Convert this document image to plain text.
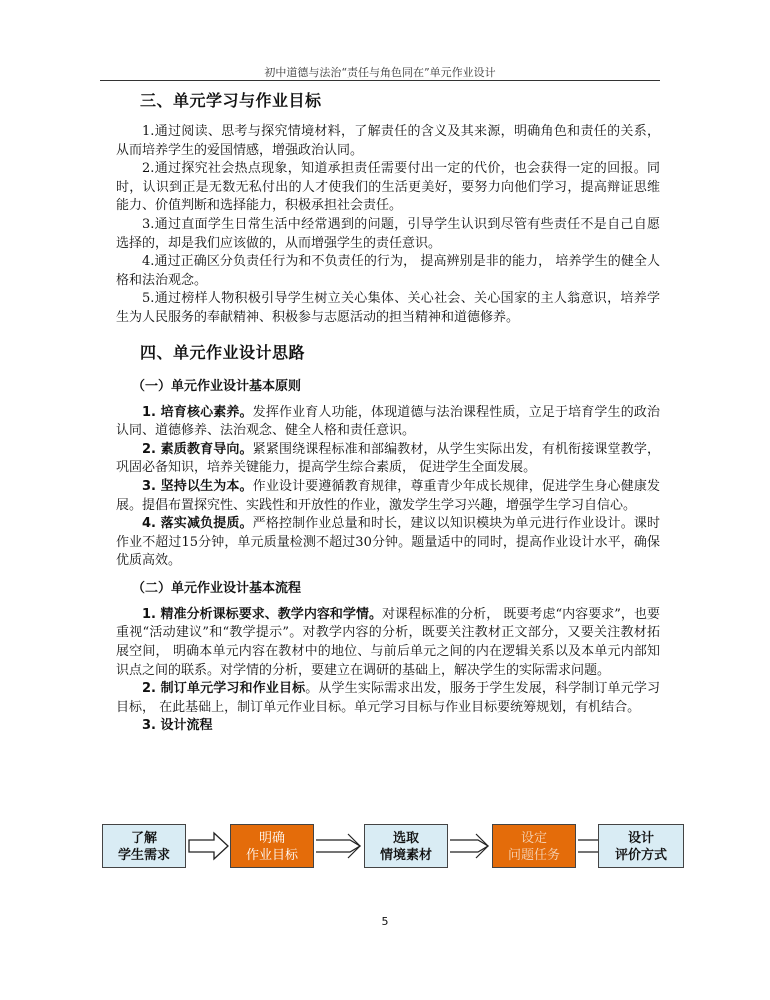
初中道德与法治“责任与角色同在”单元作业设计
三、单元学习与作业目标

1.通过阅读、思考与探究情境材料，了解责任的含义及其来源，明确角色和责任的关系，从而培养学生的爱国情感，增强政治认同。

2.通过探究社会热点现象，知道承担责任需要付出一定的代价，也会获得一定的回报。同时，认识到正是无数无私付出的人才使我们的生活更美好，要努力向他们学习，提高辩证思维能力、价值判断和选择能力，积极承担社会责任。

3.通过直面学生日常生活中经常遇到的问题，引导学生认识到尽管有些责任不是自己自愿选择的，却是我们应该做的，从而增强学生的责任意识。

4.通过正确区分负责任行为和不负责任的行为， 提高辨别是非的能力， 培养学生的健全人格和法治观念。

5.通过榜样人物积极引导学生树立关心集体、关心社会、关心国家的主人翁意识，培养学生为人民服务的奉献精神、积极参与志愿活动的担当精神和道德修养。

四、单元作业设计思路
（一）单元作业设计基本原则

1. 培育核心素养。发挥作业育人功能，体现道德与法治课程性质，立足于培育学生的政治认同、道德修养、法治观念、健全人格和责任意识。

2. 素质教育导向。紧紧围绕课程标准和部编教材，从学生实际出发，有机衔接课堂教学，巩固必备知识，培养关键能力，提高学生综合素质， 促进学生全面发展。

3. 坚持以生为本。作业设计要遵循教育规律，尊重青少年成长规律，促进学生身心健康发展。提倡布置探究性、实践性和开放性的作业，激发学生学习兴趣，增强学生学习自信心。

4. 落实减负提质。严格控制作业总量和时长，建议以知识模块为单元进行作业设计。课时作业不超过15分钟，单元质量检测不超过30分钟。题量适中的同时，提高作业设计水平，确保优质高效。

（二）单元作业设计基本流程

1. 精准分析课标要求、教学内容和学情。对课程标准的分析， 既要考虑“内容要求”，也要重视“活动建议”和“教学提示”。对教学内容的分析，既要关注教材正文部分，又要关注教材拓展空间， 明确本单元内容在教材中的地位、与前后单元之间的内在逻辑关系以及本单元内部知识点之间的联系。对学情的分析，要建立在调研的基础上，解决学生的实际需求问题。

2. 制订单元学习和作业目标。从学生实际需求出发，服务于学生发展，科学制订单元学习目标， 在此基础上，制订单元作业目标。单元学习目标与作业目标要统筹规划，有机结合。

3. 设计流程

了解
学生需求
明确
作业目标
选取
情境素材
设定
问题任务
设计
评价方式
5
